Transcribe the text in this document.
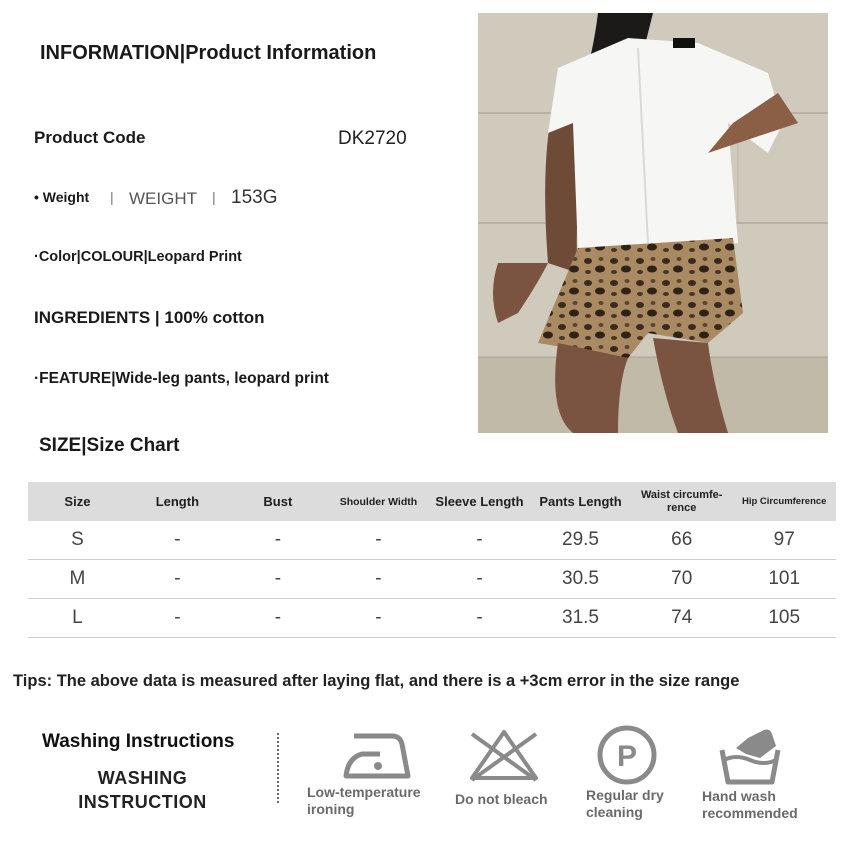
INFORMATION|Product Information
Product Code	DK2720
• Weight | WEIGHT | 153G
·Color|COLOUR|Leopard Print
INGREDIENTS | 100% cotton
·FEATURE|Wide-leg pants, leopard print
SIZE|Size Chart
Size	Length	Bust	Shoulder Width	Sleeve Length	Pants Length	Waist circumfe-rence	Hip Circumference
S	-	-	-	-	29.5	66	97
M	-	-	-	-	30.5	70	101
L	-	-	-	-	31.5	74	105
Tips: The above data is measured after laying flat, and there is a +3cm error in the size range
Washing Instructions
WASHING
INSTRUCTION	Low-temperature
ironing
Do not bleach
P
Regular dry
cleaning
Hand wash
recommended
